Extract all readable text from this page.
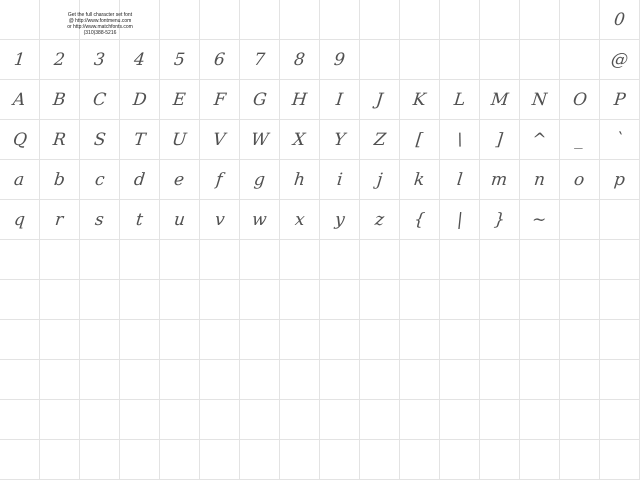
0
1 2 3 4 5 6 7 8 9	@
A B C D E F G H I J K L M N O P
Q R S T U V W X Y Z [ \ ] ^ _ `
a b c d e f g h i j k l m n o p
q r s t u v w x y z { | } ~
Get the full character set font
@ http://www.fontmenu.com
or http://www.matchfonts.com
(310)388-5216
